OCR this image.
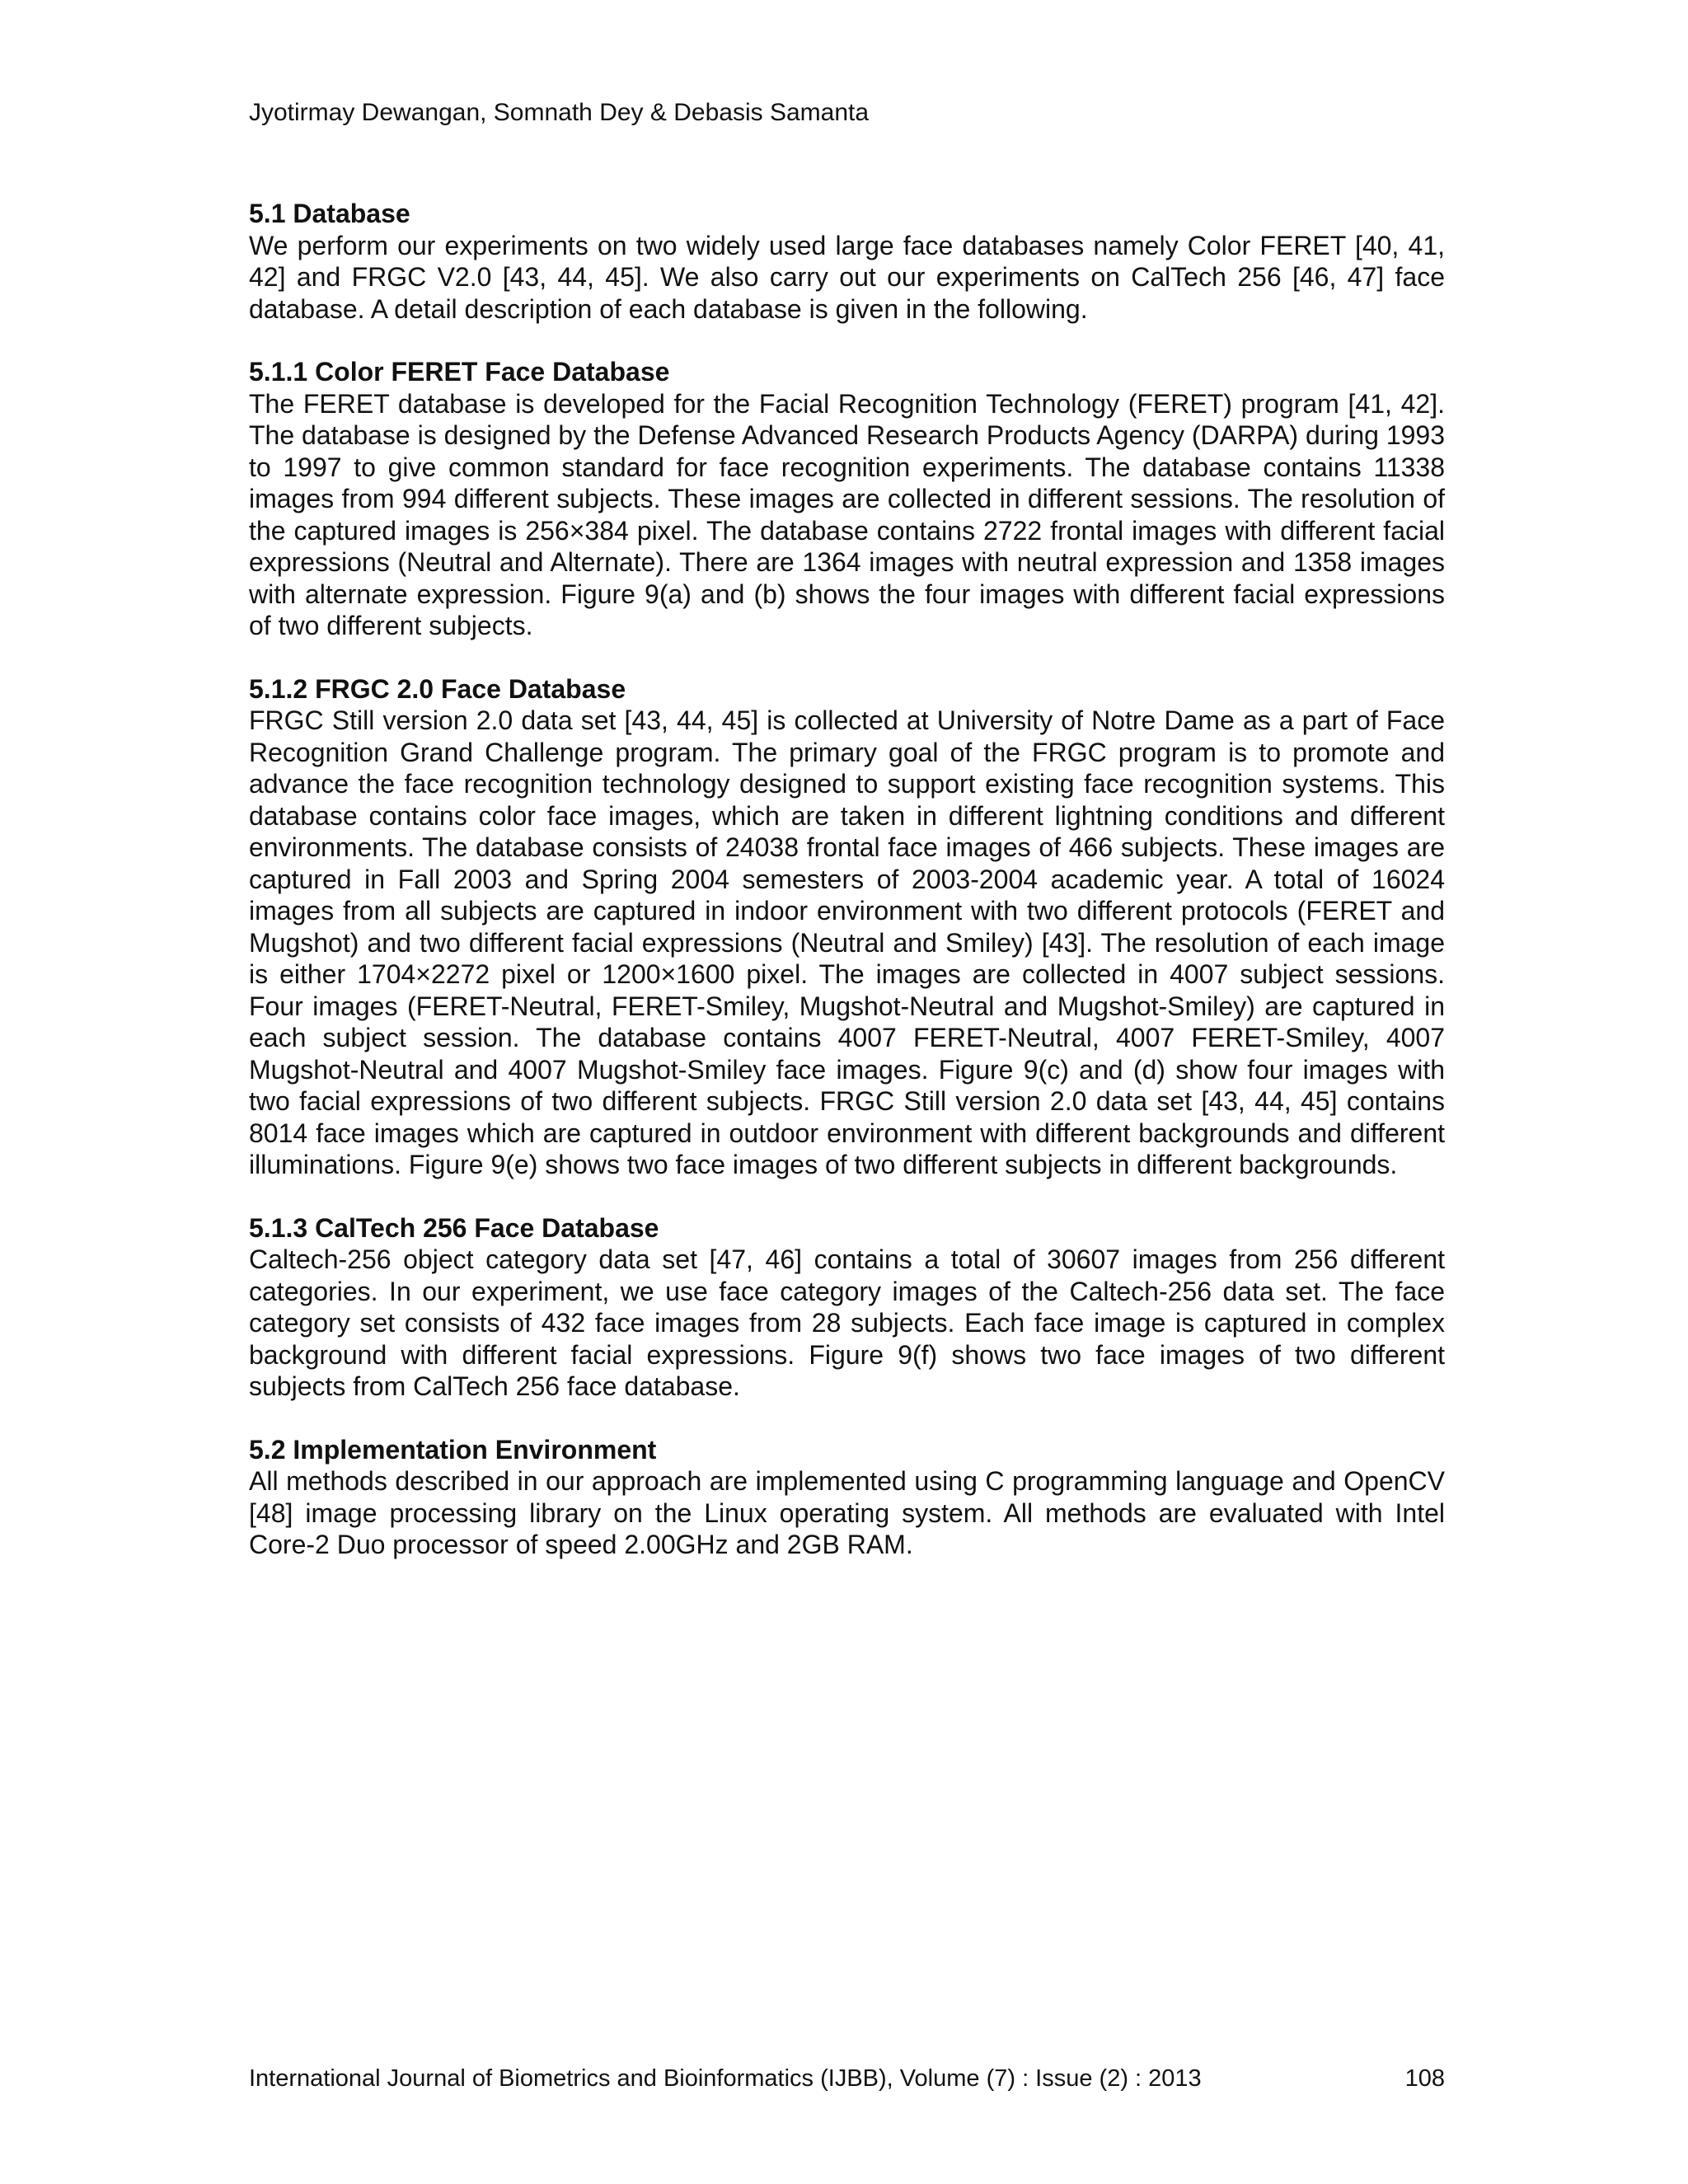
Jyotirmay Dewangan, Somnath Dey & Debasis Samanta

5.1 Database

We perform our experiments on two widely used large face databases namely Color FERET [40, 41, 42] and FRGC V2.0 [43, 44, 45]. We also carry out our experiments on CalTech 256 [46, 47] face database. A detail description of each database is given in the following.

5.1.1 Color FERET Face Database

The FERET database is developed for the Facial Recognition Technology (FERET) program [41, 42]. The database is designed by the Defense Advanced Research Products Agency (DARPA) during 1993 to 1997 to give common standard for face recognition experiments. The database contains 11338 images from 994 different subjects. These images are collected in different sessions. The resolution of the captured images is 256×384 pixel. The database contains 2722 frontal images with different facial expressions (Neutral and Alternate). There are 1364 images with neutral expression and 1358 images with alternate expression. Figure 9(a) and (b) shows the four images with different facial expressions of two different subjects.

5.1.2 FRGC 2.0 Face Database

FRGC Still version 2.0 data set [43, 44, 45] is collected at University of Notre Dame as a part of Face Recognition Grand Challenge program. The primary goal of the FRGC program is to promote and advance the face recognition technology designed to support existing face recognition systems. This database contains color face images, which are taken in different lightning conditions and different environments. The database consists of 24038 frontal face images of 466 subjects. These images are captured in Fall 2003 and Spring 2004 semesters of 2003-2004 academic year. A total of 16024 images from all subjects are captured in indoor environment with two different protocols (FERET and Mugshot) and two different facial expressions (Neutral and Smiley) [43]. The resolution of each image is either 1704×2272 pixel or 1200×1600 pixel. The images are collected in 4007 subject sessions. Four images (FERET-Neutral, FERET-Smiley, Mugshot-Neutral and Mugshot-Smiley) are captured in each subject session. The database contains 4007 FERET-Neutral, 4007 FERET-Smiley, 4007 Mugshot-Neutral and 4007 Mugshot-Smiley face images. Figure 9(c) and (d) show four images with two facial expressions of two different subjects. FRGC Still version 2.0 data set [43, 44, 45] contains 8014 face images which are captured in outdoor environment with different backgrounds and different illuminations. Figure 9(e) shows two face images of two different subjects in different backgrounds.

5.1.3 CalTech 256 Face Database

Caltech-256 object category data set [47, 46] contains a total of 30607 images from 256 different categories. In our experiment, we use face category images of the Caltech-256 data set. The face category set consists of 432 face images from 28 subjects. Each face image is captured in complex background with different facial expressions. Figure 9(f) shows two face images of two different subjects from CalTech 256 face database.

5.2 Implementation Environment

All methods described in our approach are implemented using C programming language and OpenCV [48] image processing library on the Linux operating system. All methods are evaluated with Intel Core-2 Duo processor of speed 2.00GHz and 2GB RAM.

International Journal of Biometrics and Bioinformatics (IJBB), Volume (7) : Issue (2) : 2013	108
